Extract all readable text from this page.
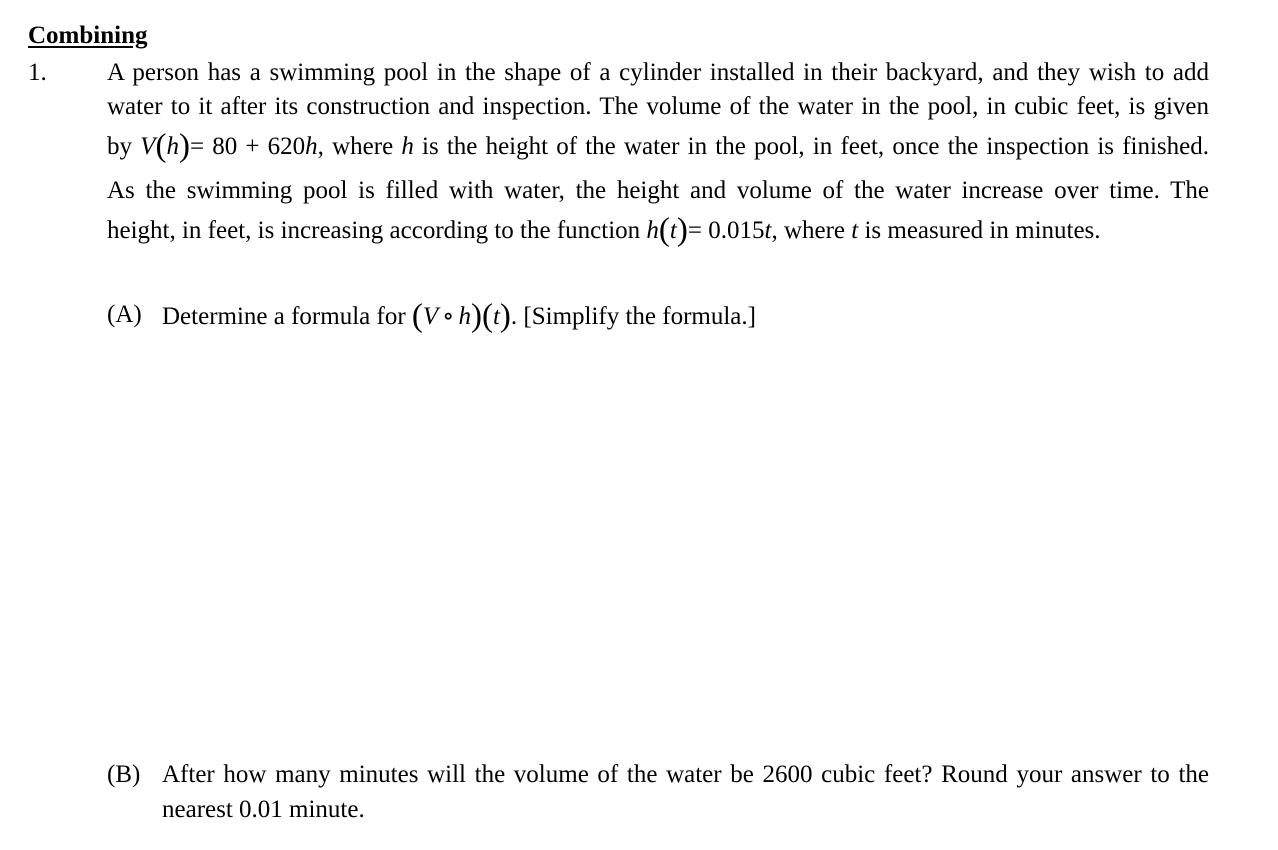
Combining
1. A person has a swimming pool in the shape of a cylinder installed in their backyard, and they wish to add
water to it after its construction and inspection. The volume of the water in the pool, in cubic feet, is given
by V(h)= 80 + 620h, where h is the height of the water in the pool, in feet, once the inspection is finished.
As the swimming pool is filled with water, the height and volume of the water increase over time. The
height, in feet, is increasing according to the function h(t)= 0.015t, where t is measured in minutes.
(A) Determine a formula for (V ∘ h)(t). [Simplify the formula.]
(B) After how many minutes will the volume of the water be 2600 cubic feet? Round your answer to the
nearest 0.01 minute.
